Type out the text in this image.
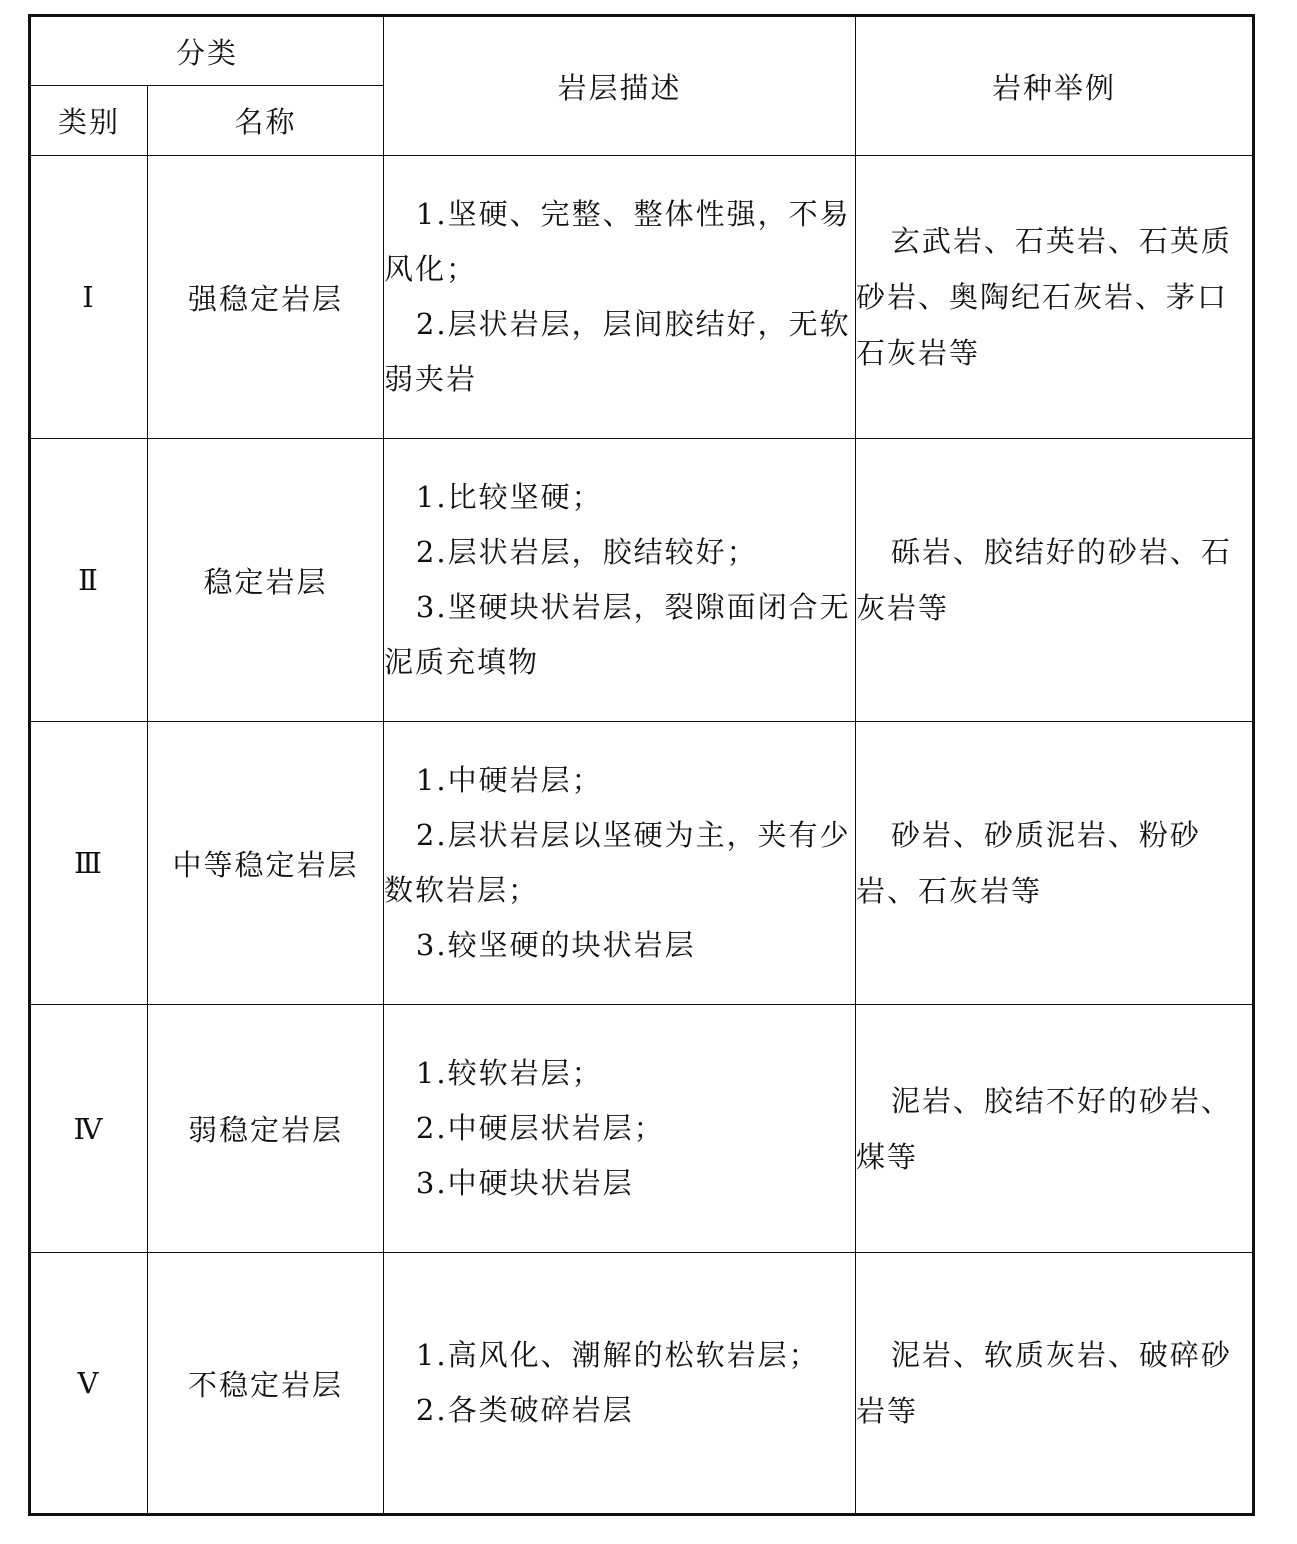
分类		岩层描述	岩种举例
类别	名称		
Ⅰ	强稳定岩层	1.坚硬、完整、整体性强，不易风化；
2.层状岩层，层间胶结好，无软弱夹岩	玄武岩、石英岩、石英质砂岩、奥陶纪石灰岩、茅口石灰岩等
Ⅱ	稳定岩层	1.比较坚硬；
2.层状岩层，胶结较好；
3.坚硬块状岩层，裂隙面闭合无泥质充填物	砾岩、胶结好的砂岩、石灰岩等
Ⅲ	中等稳定岩层	1.中硬岩层；
2.层状岩层以坚硬为主，夹有少数软岩层；
3.较坚硬的块状岩层	砂岩、砂质泥岩、粉砂岩、石灰岩等
Ⅳ	弱稳定岩层	1.较软岩层；
2.中硬层状岩层；
3.中硬块状岩层	泥岩、胶结不好的砂岩、煤等
Ⅴ	不稳定岩层	1.高风化、潮解的松软岩层；
2.各类破碎岩层	泥岩、软质灰岩、破碎砂岩等
